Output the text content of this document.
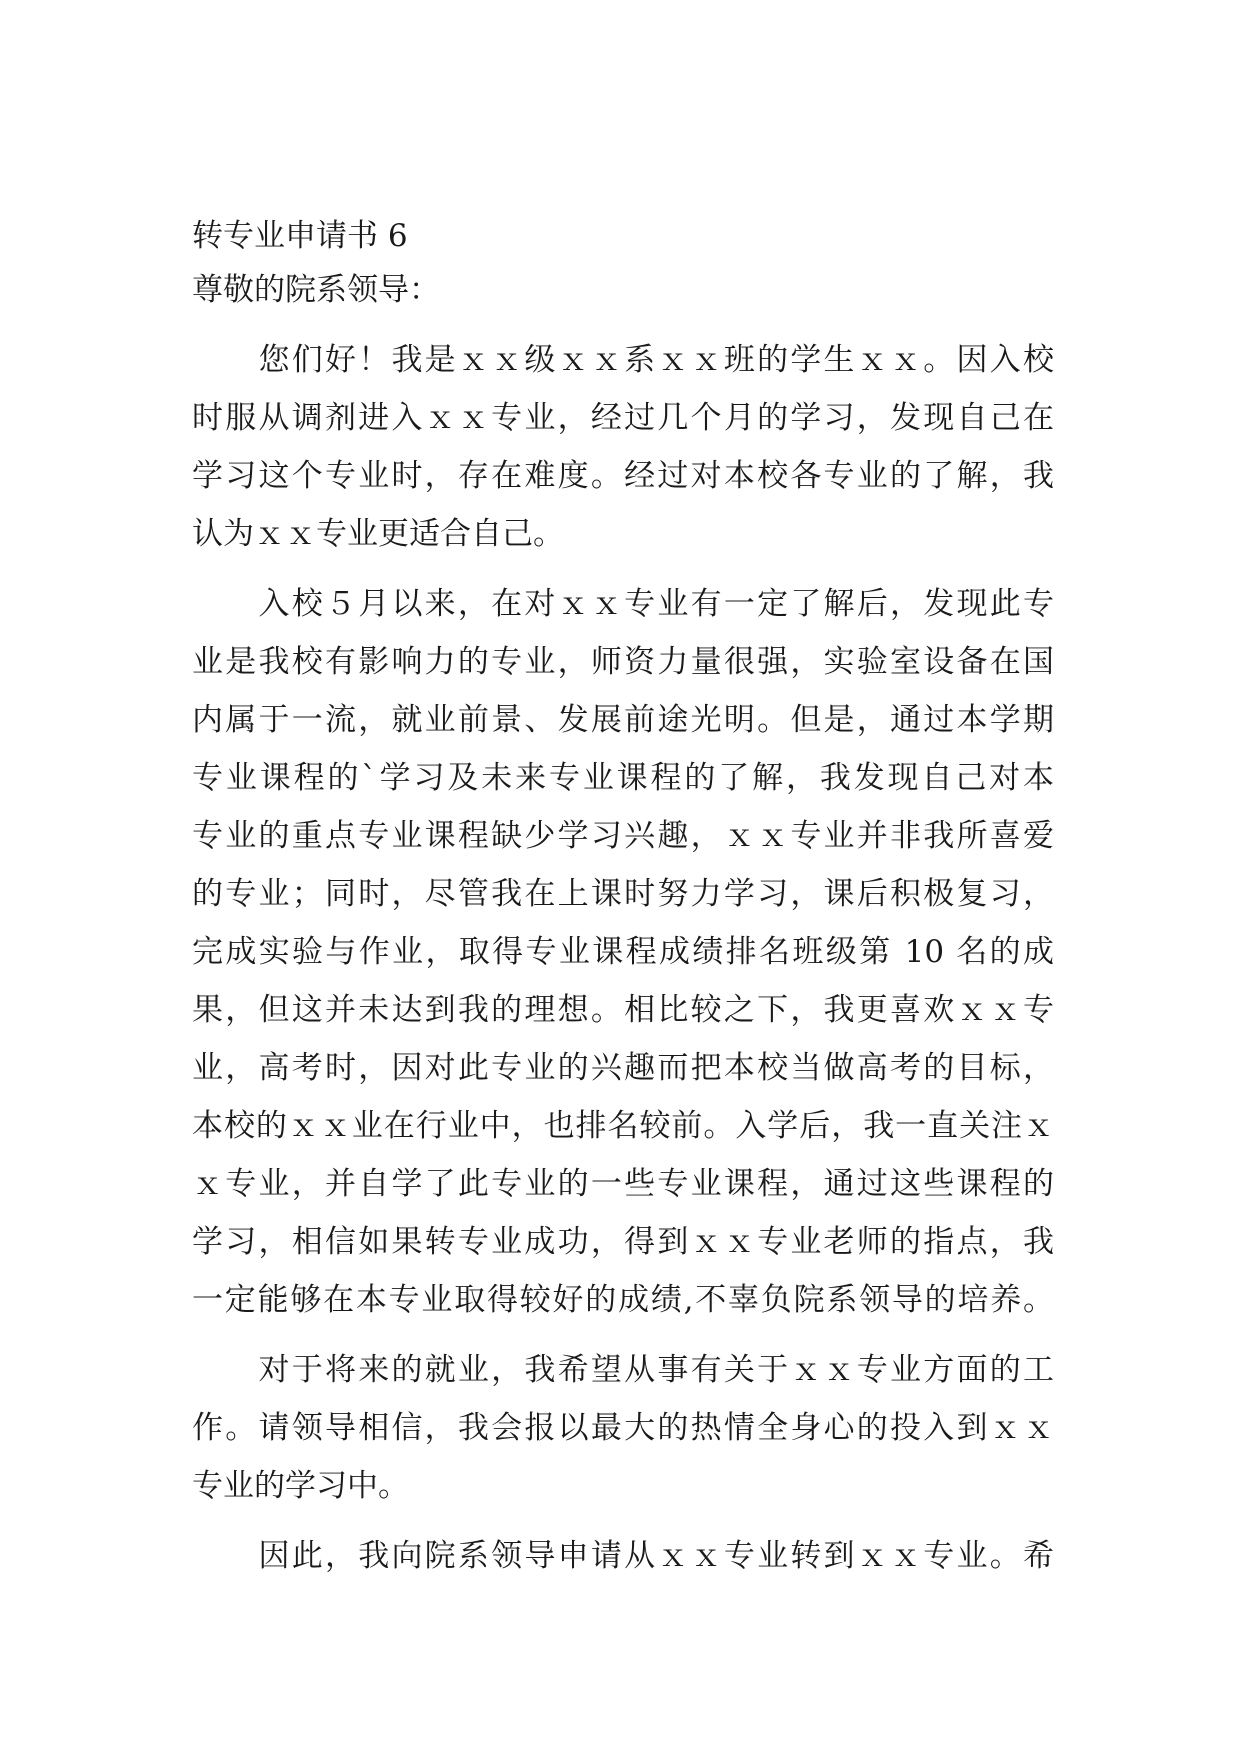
转专业申请书 6
尊敬的院系领导：
　　您们好！我是ｘｘ级ｘｘ系ｘｘ班的学生ｘｘ。因入校
时服从调剂进入ｘｘ专业，经过几个月的学习，发现自己在
学习这个专业时，存在难度。经过对本校各专业的了解，我
认为ｘｘ专业更适合自己。
　　入校５月以来，在对ｘｘ专业有一定了解后，发现此专
业是我校有影响力的专业，师资力量很强，实验室设备在国
内属于一流，就业前景、发展前途光明。但是，通过本学期
专业课程的`学习及未来专业课程的了解，我发现自己对本
专业的重点专业课程缺少学习兴趣，ｘｘ专业并非我所喜爱
的专业；同时，尽管我在上课时努力学习，课后积极复习，
完成实验与作业，取得专业课程成绩排名班级第 10 名的成
果，但这并未达到我的理想。相比较之下，我更喜欢ｘｘ专
业，高考时，因对此专业的兴趣而把本校当做高考的目标，
本校的ｘｘ业在行业中，也排名较前。入学后，我一直关注ｘ
ｘ专业，并自学了此专业的一些专业课程，通过这些课程的
学习，相信如果转专业成功，得到ｘｘ专业老师的指点，我
一定能够在本专业取得较好的成绩,不辜负院系领导的培养。
　　对于将来的就业，我希望从事有关于ｘｘ专业方面的工
作。请领导相信，我会报以最大的热情全身心的投入到ｘｘ
专业的学习中。
　　因此，我向院系领导申请从ｘｘ专业转到ｘｘ专业。希
